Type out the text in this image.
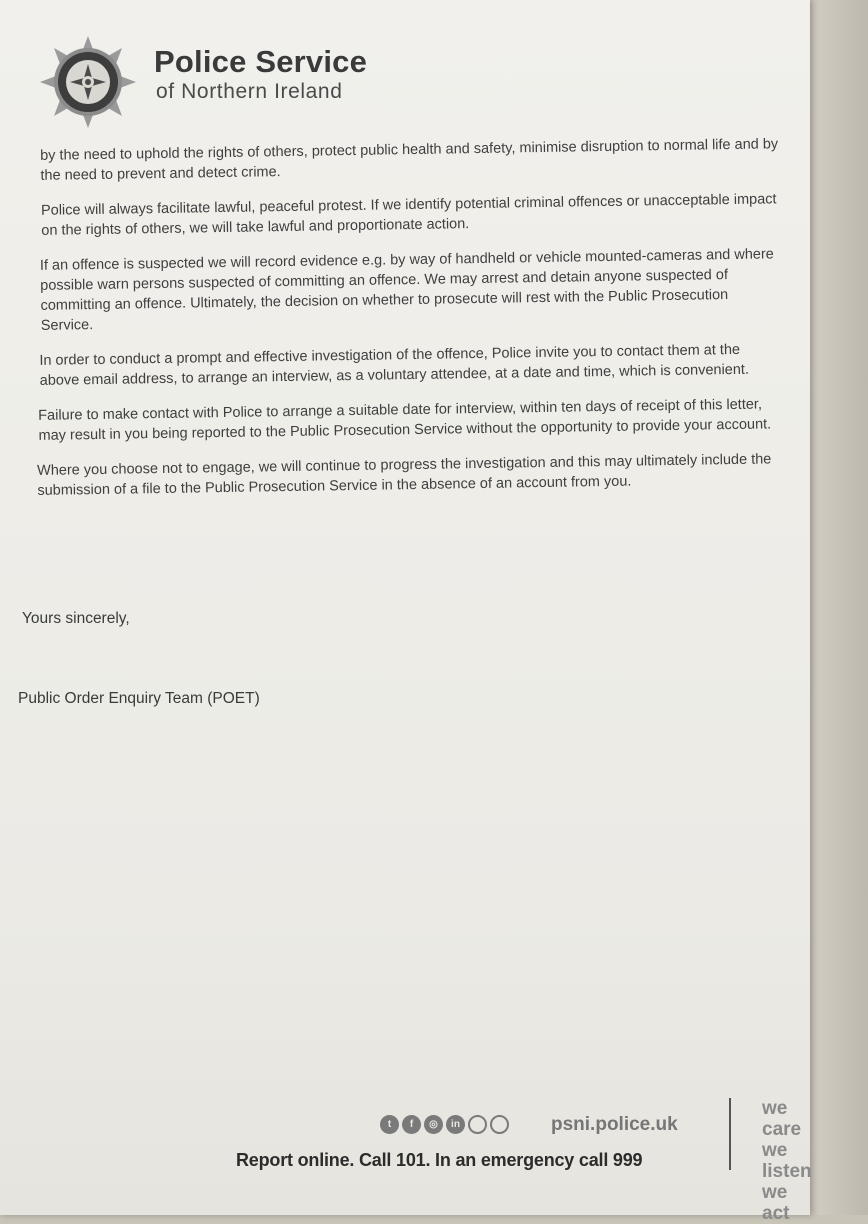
Police Service
of Northern Ireland

by the need to uphold the rights of others, protect public health and safety, minimise disruption to normal life and by the need to prevent and detect crime.

Police will always facilitate lawful, peaceful protest. If we identify potential criminal offences or unacceptable impact on the rights of others, we will take lawful and proportionate action.

If an offence is suspected we will record evidence e.g. by way of handheld or vehicle mounted-cameras and where possible warn persons suspected of committing an offence. We may arrest and detain anyone suspected of committing an offence. Ultimately, the decision on whether to prosecute will rest with the Public Prosecution Service.

In order to conduct a prompt and effective investigation of the offence, Police invite you to contact them at the above email address, to arrange an interview, as a voluntary attendee, at a date and time, which is convenient.

Failure to make contact with Police to arrange a suitable date for interview, within ten days of receipt of this letter, may result in you being reported to the Public Prosecution Service without the opportunity to provide your account.

Where you choose not to engage, we will continue to progress the investigation and this may ultimately include the submission of a file to the Public Prosecution Service in the absence of an account from you.

Yours sincerely,
Public Order Enquiry Team (POET)
t	f	◎	in	psni.police.uk
Report online. Call 101. In an emergency call 999
we care
we listen
we act
